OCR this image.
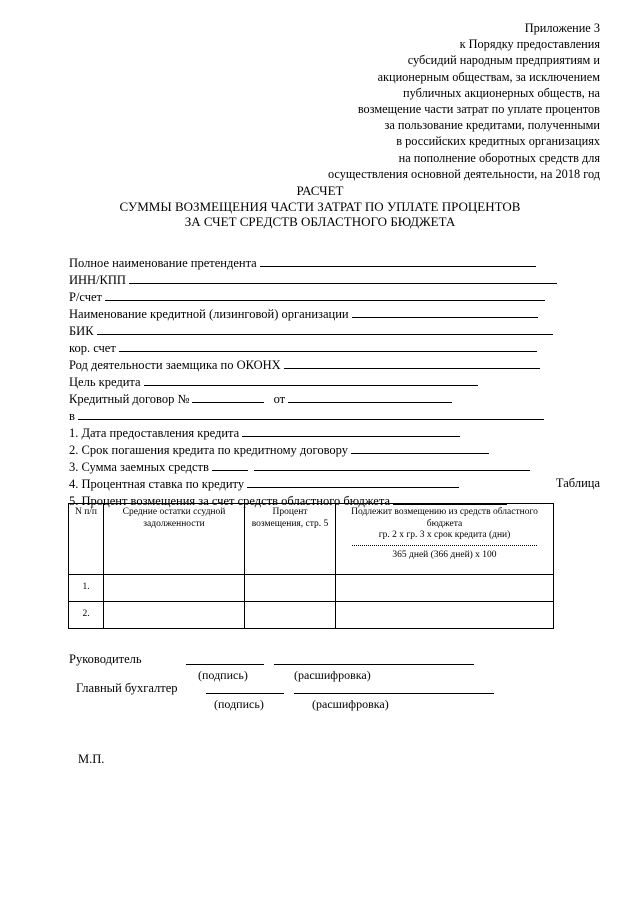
Приложение 3
к Порядку предоставления
субсидий народным предприятиям и
акционерным обществам, за исключением
публичных акционерных обществ, на
возмещение части затрат по уплате процентов
за пользование кредитами, полученными
в российских кредитных организациях
на пополнение оборотных средств для
осуществления основной деятельности, на 2018 год
РАСЧЕТ
СУММЫ ВОЗМЕЩЕНИЯ ЧАСТИ ЗАТРАТ ПО УПЛАТЕ ПРОЦЕНТОВ
ЗА СЧЕТ СРЕДСТВ ОБЛАСТНОГО БЮДЖЕТА
Полное наименование претендента
ИНН/КПП
Р/счет
Наименование кредитной (лизинговой) организации
БИК
кор. счет
Род деятельности заемщика по ОКОНХ
Цель кредита
Кредитный договор №	от
в
1. Дата предоставления кредита
2. Срок погашения кредита по кредитному договору
3. Сумма заемных средств
4. Процентная ставка по кредиту
5. Процент возмещения за счет средств областного бюджета
Таблица
N п/п	Средние остатки ссудной задолженности	Процент возмещения, стр. 5	Подлежит возмещению из средств областного бюджета
гр. 2 x гр. 3 x срок кредита (дни)
365 дней (366 дней) x 100

1.			
2.			
Руководитель
(подпись)	(расшифровка)
Главный бухгалтер
(подпись)	(расшифровка)
М.П.
